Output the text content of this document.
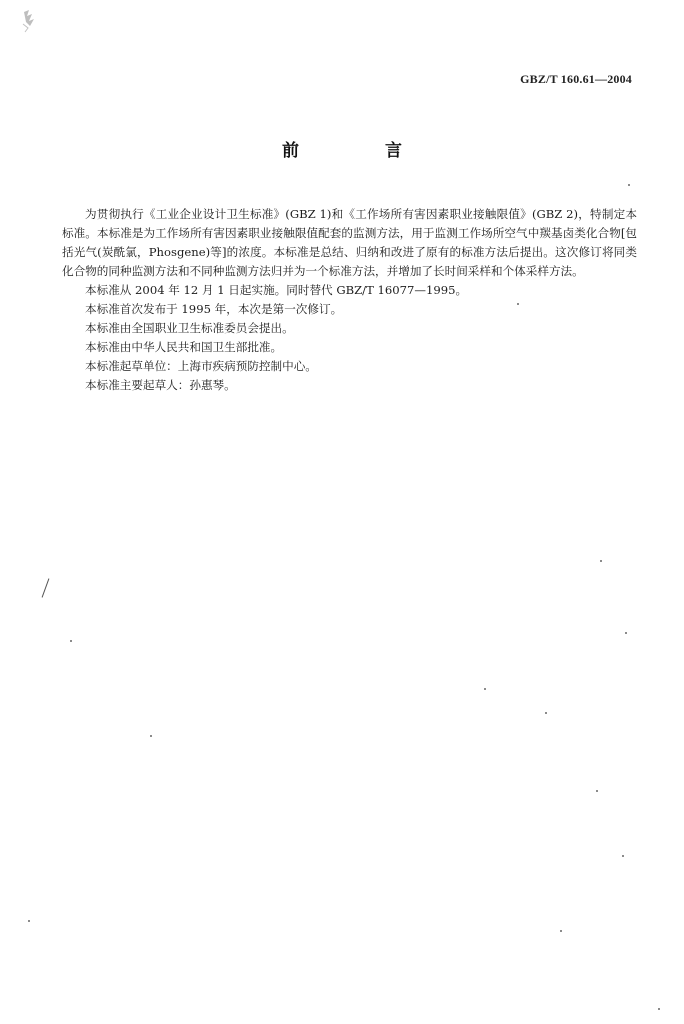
GBZ/T 160.61—2004
前 言

为贯彻执行《工业企业设计卫生标准》(GBZ 1)和《工作场所有害因素职业接触限值》(GBZ 2)，特制定本标准。本标准是为工作场所有害因素职业接触限值配套的监测方法，用于监测工作场所空气中羰基卤类化合物[包括光气(炭酰氯，Phosgene)等]的浓度。本标准是总结、归纳和改进了原有的标准方法后提出。这次修订将同类化合物的同种监测方法和不同种监测方法归并为一个标准方法，并增加了长时间采样和个体采样方法。

本标准从 2004 年 12 月 1 日起实施。同时替代 GBZ/T 16077—1995。

本标准首次发布于 1995 年，本次是第一次修订。

本标准由全国职业卫生标准委员会提出。

本标准由中华人民共和国卫生部批准。

本标准起草单位：上海市疾病预防控制中心。

本标准主要起草人：孙惠琴。
